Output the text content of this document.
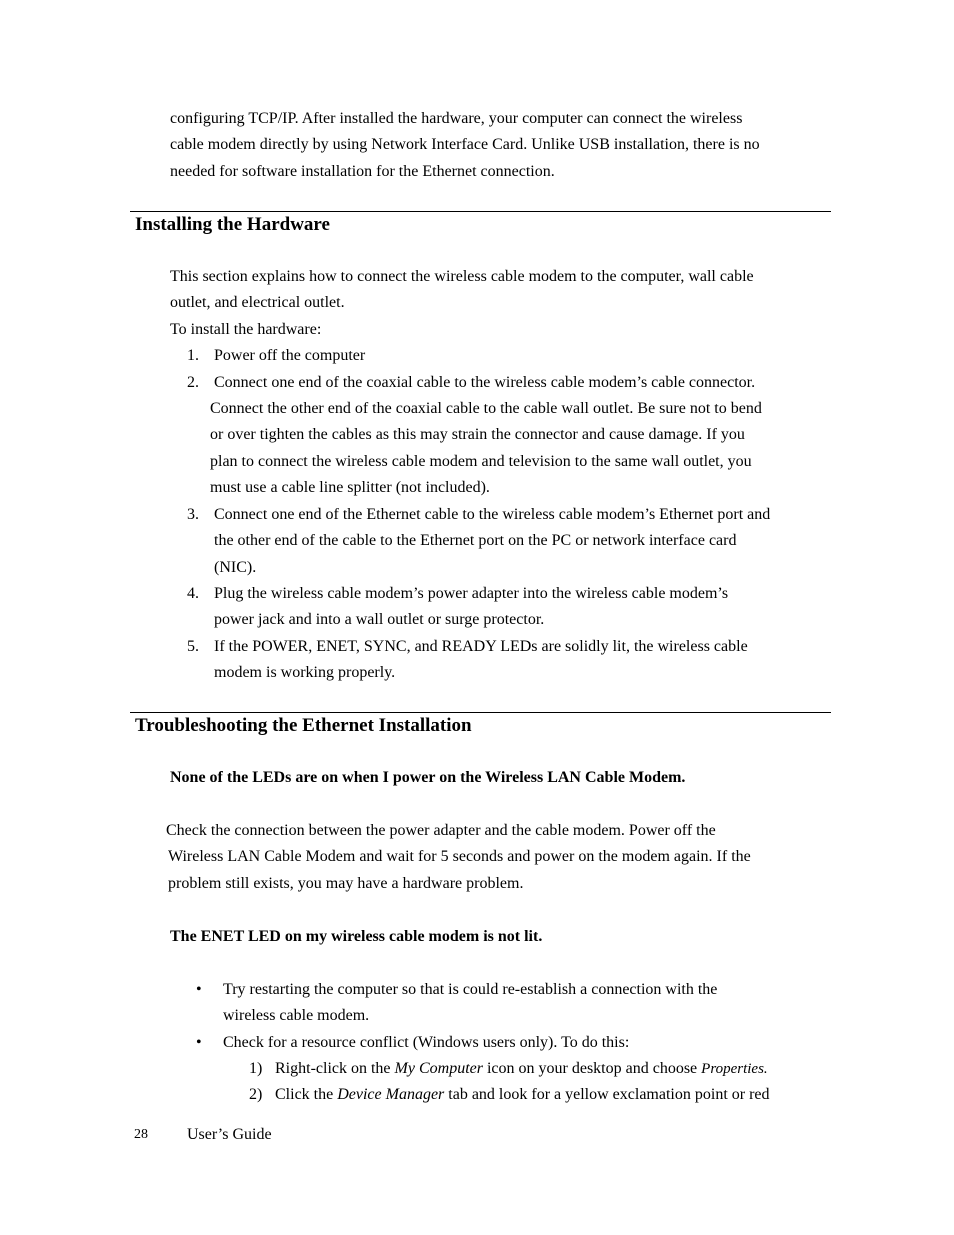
configuring TCP/IP. After installed the hardware, your computer can connect the wireless

cable modem directly by using Network Interface Card. Unlike USB installation, there is no

needed for software installation for the Ethernet connection.

Installing the Hardware

This section explains how to connect the wireless cable modem to the computer, wall cable

outlet, and electrical outlet.

To install the hardware:

1. Power off the computer
2. Connect one end of the coaxial cable to the wireless cable modem’s cable connector.

Connect the other end of the coaxial cable to the cable wall outlet. Be sure not to bend

or over tighten the cables as this may strain the connector and cause damage. If you

plan to connect the wireless cable modem and television to the same wall outlet, you

must use a cable line splitter (not included).

3. Connect one end of the Ethernet cable to the wireless cable modem’s Ethernet port and

the other end of the cable to the Ethernet port on the PC or network interface card

(NIC).

4. Plug the wireless cable modem’s power adapter into the wireless cable modem’s

power jack and into a wall outlet or surge protector.

5. If the POWER, ENET, SYNC, and READY LEDs are solidly lit, the wireless cable

modem is working properly.

Troubleshooting the Ethernet Installation

None of the LEDs are on when I power on the Wireless LAN Cable Modem.

Check the connection between the power adapter and the cable modem. Power off the

Wireless LAN Cable Modem and wait for 5 seconds and power on the modem again. If the

problem still exists, you may have a hardware problem.

The ENET LED on my wireless cable modem is not lit.

• Try restarting the computer so that is could re-establish a connection with the

wireless cable modem.

• Check for a resource conflict (Windows users only). To do this:

1) Right-click on the My Computer icon on your desktop and choose Properties.
2) Click the Device Manager tab and look for a yellow exclamation point or red
28 User’s Guide
